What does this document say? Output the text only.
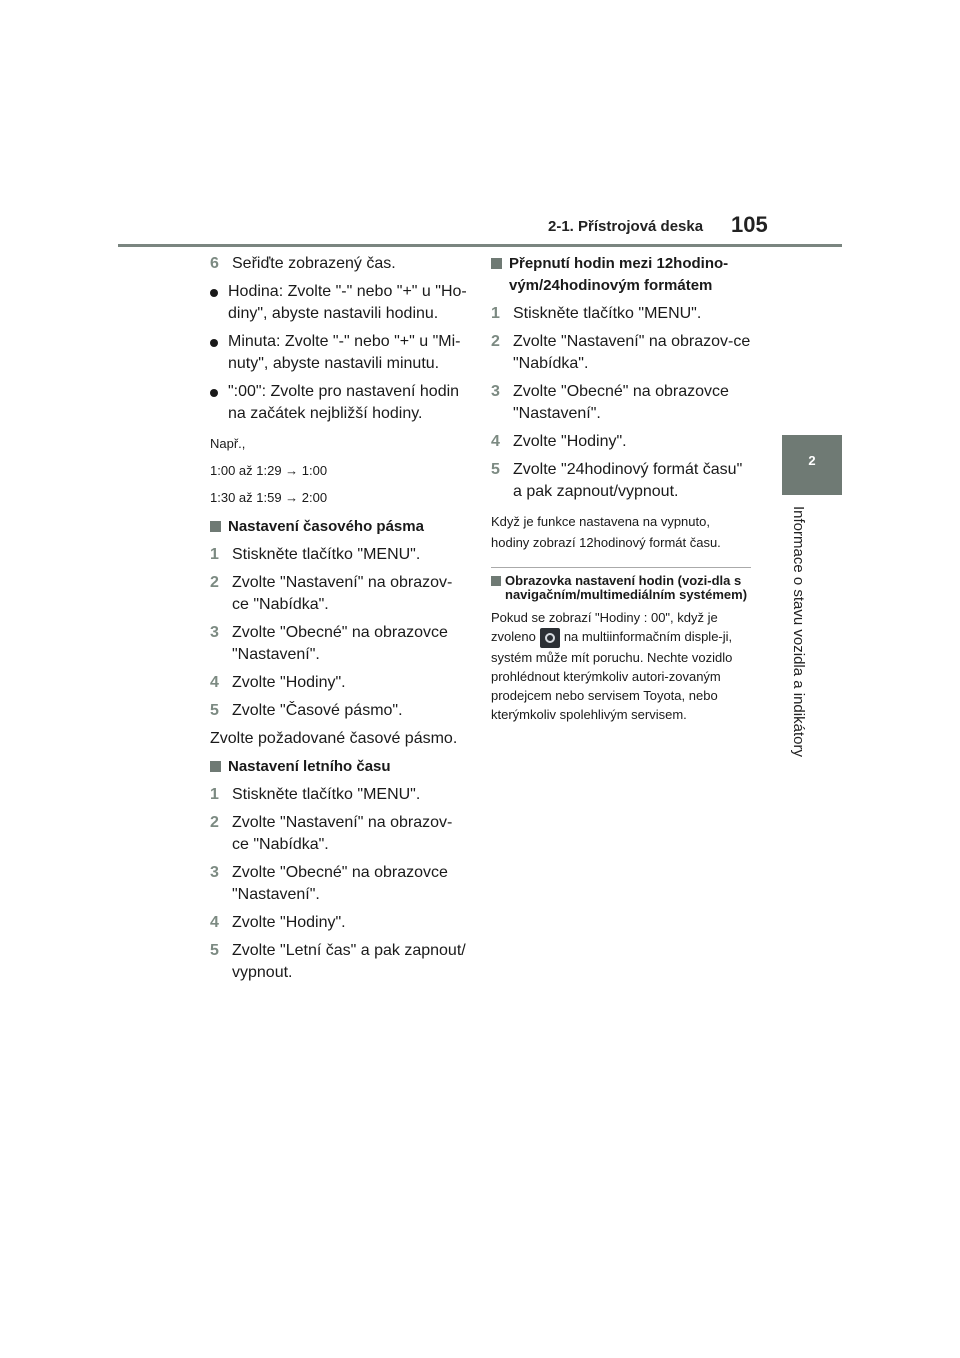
2-1. Přístrojová deska 105
2
Informace o stavu vozidla a indikátory

6 Seřiďte zobrazený čas.

Hodina: Zvolte "-" nebo "+" u "Ho-diny", abyste nastavili hodinu.

Minuta: Zvolte "-" nebo "+" u "Mi-nuty", abyste nastavili minutu.

":00": Zvolte pro nastavení hodin na začátek nejbližší hodiny.

Např.,

1:00 až 1:29 → 1:00

1:30 až 1:59 → 2:00

Nastavení časového pásma

1 Stiskněte tlačítko "MENU".

2 Zvolte "Nastavení" na obrazov-ce "Nabídka".

3 Zvolte "Obecné" na obrazovce "Nastavení".

4 Zvolte "Hodiny".

5 Zvolte "Časové pásmo".

Zvolte požadované časové pásmo.

Nastavení letního času

1 Stiskněte tlačítko "MENU".

2 Zvolte "Nastavení" na obrazov-ce "Nabídka".

3 Zvolte "Obecné" na obrazovce "Nastavení".

4 Zvolte "Hodiny".

5 Zvolte "Letní čas" a pak zapnout/ vypnout.

Přepnutí hodin mezi 12hodino-vým/24hodinovým formátem

1 Stiskněte tlačítko "MENU".

2 Zvolte "Nastavení" na obrazov-ce "Nabídka".

3 Zvolte "Obecné" na obrazovce "Nastavení".

4 Zvolte "Hodiny".

5 Zvolte "24hodinový formát času" a pak zapnout/vypnout.

Když je funkce nastavena na vypnuto, hodiny zobrazí 12hodinový formát času.

Obrazovka nastavení hodin (vozi-dla s navigačním/multimediálním systémem)

Pokud se zobrazí "Hodiny : 00", když je zvoleno na multiinformačním disple-ji, systém může mít poruchu. Nechte vozidlo prohlédnout kterýmkoliv autori-zovaným prodejcem nebo servisem Toyota, nebo kterýmkoliv spolehlivým servisem.
